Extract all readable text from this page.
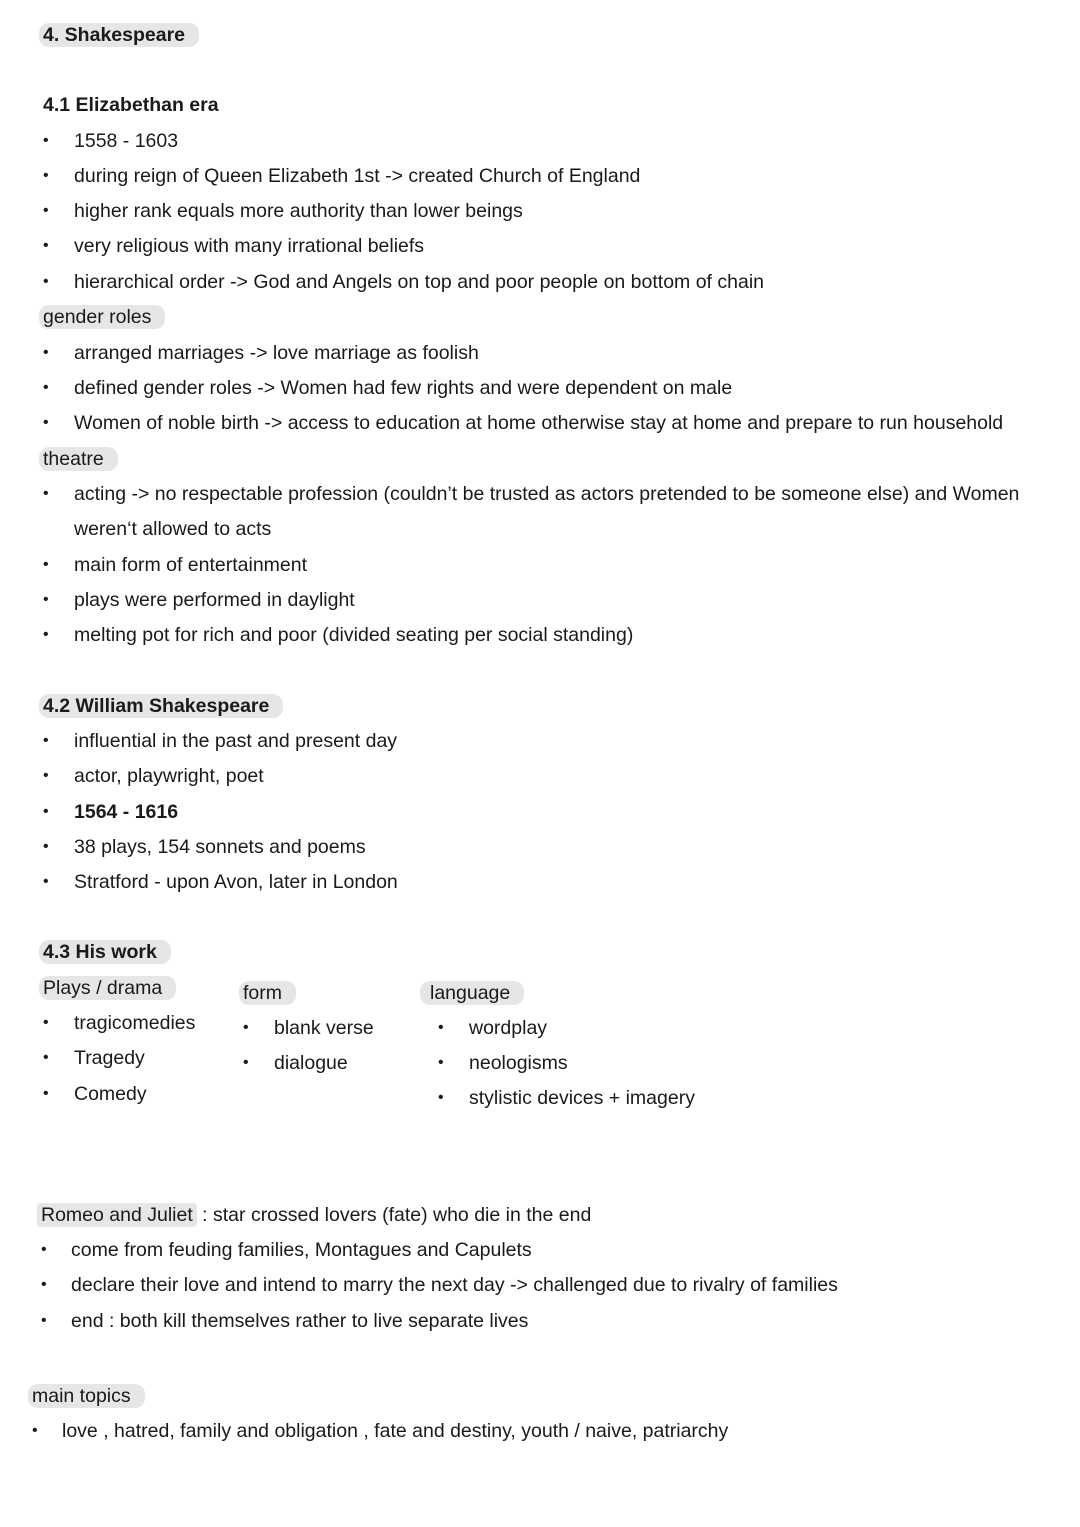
4. Shakespeare
4.1 Elizabethan era
• 1558 - 1603
• during reign of Queen Elizabeth 1st -> created Church of England
• higher rank equals more authority than lower beings
• very religious with many irrational beliefs
• hierarchical order -> God and Angels on top and poor people on bottom of chain
gender roles
• arranged marriages -> love marriage as foolish
• defined gender roles -> Women had few rights and were dependent on male
• Women of noble birth -> access to education at home otherwise stay at home and prepare to run household
theatre
• acting -> no respectable profession (couldn’t be trusted as actors pretended to be someone else) and Women
weren‘t allowed to acts
• main form of entertainment
• plays were performed in daylight
• melting pot for rich and poor (divided seating per social standing)
4.2 William Shakespeare
• influential in the past and present day
• actor, playwright, poet
• 1564 - 1616
• 38 plays, 154 sonnets and poems
• Stratford - upon Avon, later in London
4.3 His work
Plays / drama
• tragicomedies
• Tragedy
• Comedy
form
• blank verse
• dialogue
language
• wordplay
• neologisms
• stylistic devices + imagery
Romeo and Juliet : star crossed lovers (fate) who die in the end
• come from feuding families, Montagues and Capulets
• declare their love and intend to marry the next day -> challenged due to rivalry of families
• end : both kill themselves rather to live separate lives
main topics
• love , hatred, family and obligation , fate and destiny, youth / naive, patriarchy
